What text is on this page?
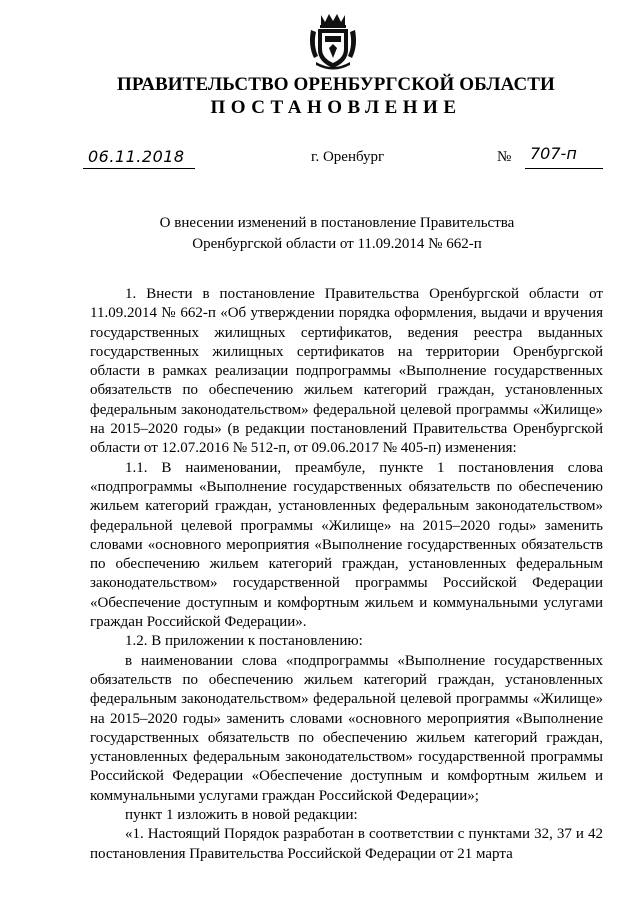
ПРАВИТЕЛЬСТВО ОРЕНБУРГСКОЙ ОБЛАСТИ
ПОСТАНОВЛЕНИЕ
06.11.2018	г. Оренбург	№ 707-п
О внесении изменений в постановление Правительства
Оренбургской области от 11.09.2014 № 662-п

1. Внести в постановление Правительства Оренбургской области от 11.09.2014 № 662-п «Об утверждении порядка оформления, выдачи и вручения государственных жилищных сертификатов, ведения реестра выданных государственных жилищных сертификатов на территории Оренбургской области в рамках реализации подпрограммы «Выполнение государственных обязательств по обеспечению жильем категорий граждан, установленных федеральным законодательством» федеральной целевой программы «Жилище» на 2015–2020 годы» (в редакции постановлений Правительства Оренбургской области от 12.07.2016 № 512-п, от 09.06.2017 № 405-п) изменения:

1.1. В наименовании, преамбуле, пункте 1 постановления слова «подпрограммы «Выполнение государственных обязательств по обеспечению жильем категорий граждан, установленных федеральным законодательством» федеральной целевой программы «Жилище» на 2015–2020 годы» заменить словами «основного мероприятия «Выполнение государственных обязательств по обеспечению жильем категорий граждан, установленных федеральным законодательством» государственной программы Российской Федерации «Обеспечение доступным и комфортным жильем и коммунальными услугами граждан Российской Федерации».

1.2. В приложении к постановлению:

в наименовании слова «подпрограммы «Выполнение государственных обязательств по обеспечению жильем категорий граждан, установленных федеральным законодательством» федеральной целевой программы «Жилище» на 2015–2020 годы» заменить словами «основного мероприятия «Выполнение государственных обязательств по обеспечению жильем категорий граждан, установленных федеральным законодательством» государственной программы Российской Федерации «Обеспечение доступным и комфортным жильем и коммунальными услугами граждан Российской Федерации»;

пункт 1 изложить в новой редакции:

«1. Настоящий Порядок разработан в соответствии с пунктами 32, 37 и 42 постановления Правительства Российской Федерации от 21 марта
